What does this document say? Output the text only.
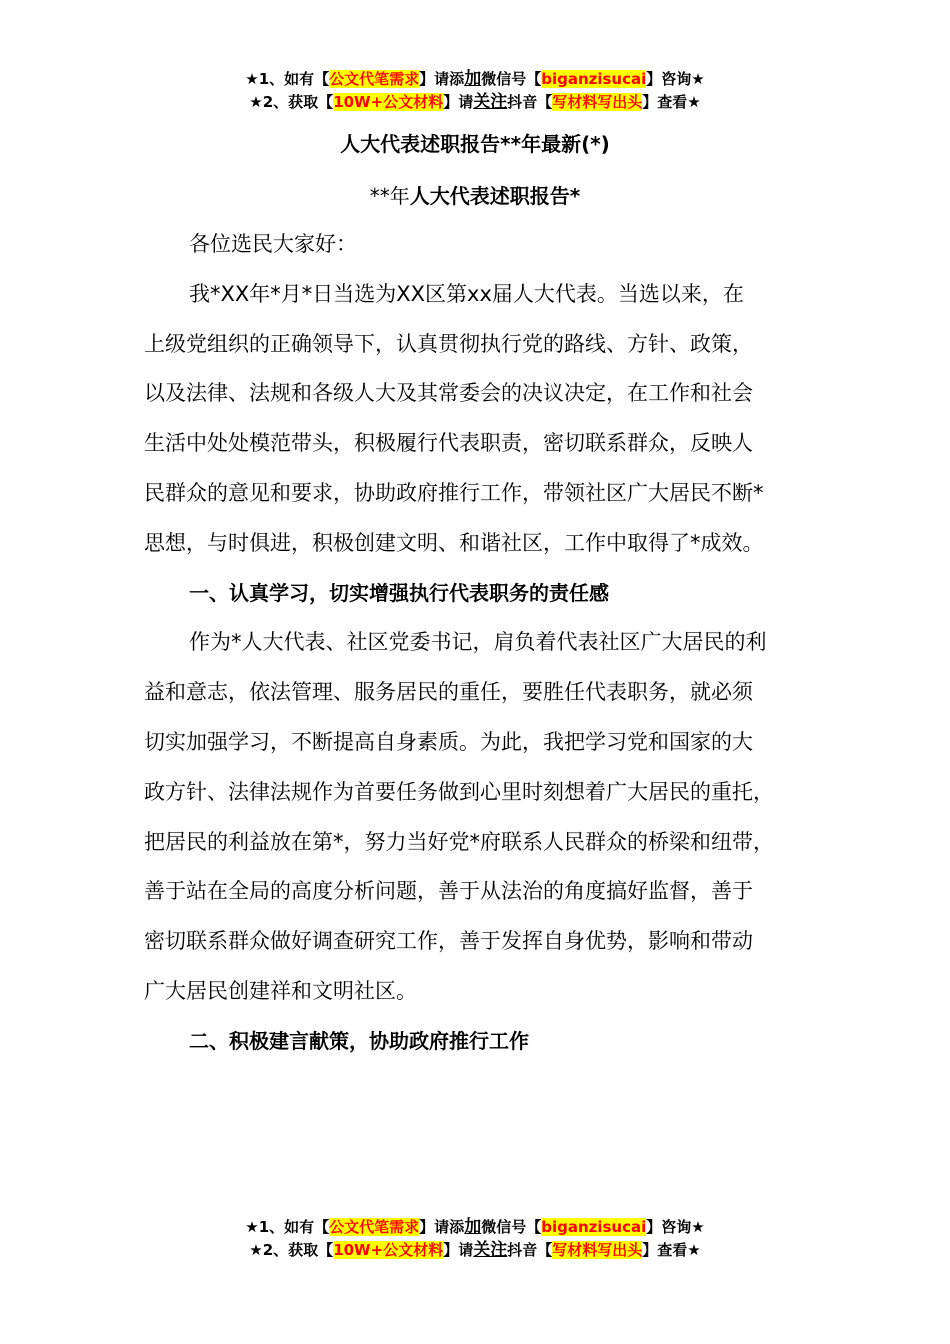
★1、如有【公文代笔需求】请添加微信号【biganzisucai】咨询★
★2、获取【10W+公文材料】请关注抖音【写材料写出头】查看★
人大代表述职报告**年最新(*)
**年人大代表述职报告*

各位选民大家好：

我*XX年*月*日当选为XX区第xx届人大代表。当选以来，在
上级党组织的正确领导下，认真贯彻执行党的路线、方针、政策，
以及法律、法规和各级人大及其常委会的决议决定，在工作和社会
生活中处处模范带头，积极履行代表职责，密切联系群众，反映人
民群众的意见和要求，协助政府推行工作，带领社区广大居民不断*
思想，与时俱进，积极创建文明、和谐社区，工作中取得了*成效。

一、认真学习，切实增强执行代表职务的责任感

作为*人大代表、社区党委书记，肩负着代表社区广大居民的利
益和意志，依法管理、服务居民的重任，要胜任代表职务，就必须
切实加强学习，不断提高自身素质。为此，我把学习党和国家的大
政方针、法律法规作为首要任务做到心里时刻想着广大居民的重托，
把居民的利益放在第*，努力当好党*府联系人民群众的桥梁和纽带，
善于站在全局的高度分析问题，善于从法治的角度搞好监督，善于
密切联系群众做好调查研究工作，善于发挥自身优势，影响和带动
广大居民创建祥和文明社区。

二、积极建言献策，协助政府推行工作

★1、如有【公文代笔需求】请添加微信号【biganzisucai】咨询★
★2、获取【10W+公文材料】请关注抖音【写材料写出头】查看★
